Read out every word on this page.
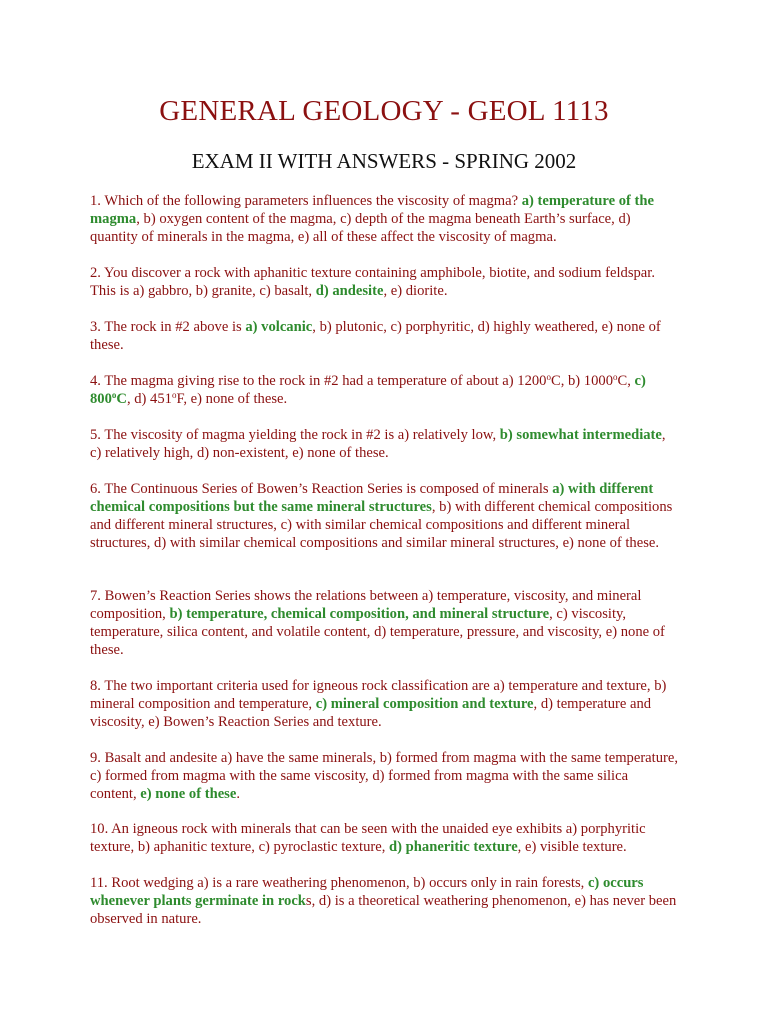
GENERAL GEOLOGY - GEOL 1113
EXAM II WITH ANSWERS - SPRING 2002

1. Which of the following parameters influences the viscosity of magma? a) temperature of the magma, b) oxygen content of the magma, c) depth of the magma beneath Earth’s surface, d) quantity of minerals in the magma, e) all of these affect the viscosity of magma.

2. You discover a rock with aphanitic texture containing amphibole, biotite, and sodium feldspar. This is a) gabbro, b) granite, c) basalt, d) andesite, e) diorite.

3. The rock in #2 above is a) volcanic, b) plutonic, c) porphyritic, d) highly weathered, e) none of these.

4. The magma giving rise to the rock in #2 had a temperature of about a) 1200$^o$C, b) 1000$^o$C, c) 800$^o$C, d) 451$^o$F, e) none of these.

5. The viscosity of magma yielding the rock in #2 is a) relatively low, b) somewhat intermediate, c) relatively high, d) non-existent, e) none of these.

6. The Continuous Series of Bowen’s Reaction Series is composed of minerals a) with different chemical compositions but the same mineral structures, b) with different chemical compositions and different mineral structures, c) with similar chemical compositions and different mineral structures, d) with similar chemical compositions and similar mineral structures, e) none of these.

7. Bowen’s Reaction Series shows the relations between a) temperature, viscosity, and mineral composition, b) temperature, chemical composition, and mineral structure, c) viscosity, temperature, silica content, and volatile content, d) temperature, pressure, and viscosity, e) none of these.

8. The two important criteria used for igneous rock classification are a) temperature and texture, b) mineral composition and temperature, c) mineral composition and texture, d) temperature and viscosity, e) Bowen’s Reaction Series and texture.

9. Basalt and andesite a) have the same minerals, b) formed from magma with the same temperature, c) formed from magma with the same viscosity, d) formed from magma with the same silica content, e) none of these.

10. An igneous rock with minerals that can be seen with the unaided eye exhibits a) porphyritic texture, b) aphanitic texture, c) pyroclastic texture, d) phaneritic texture, e) visible texture.

11. Root wedging a) is a rare weathering phenomenon, b) occurs only in rain forests, c) occurs whenever plants germinate in rocks, d) is a theoretical weathering phenomenon, e) has never been observed in nature.
